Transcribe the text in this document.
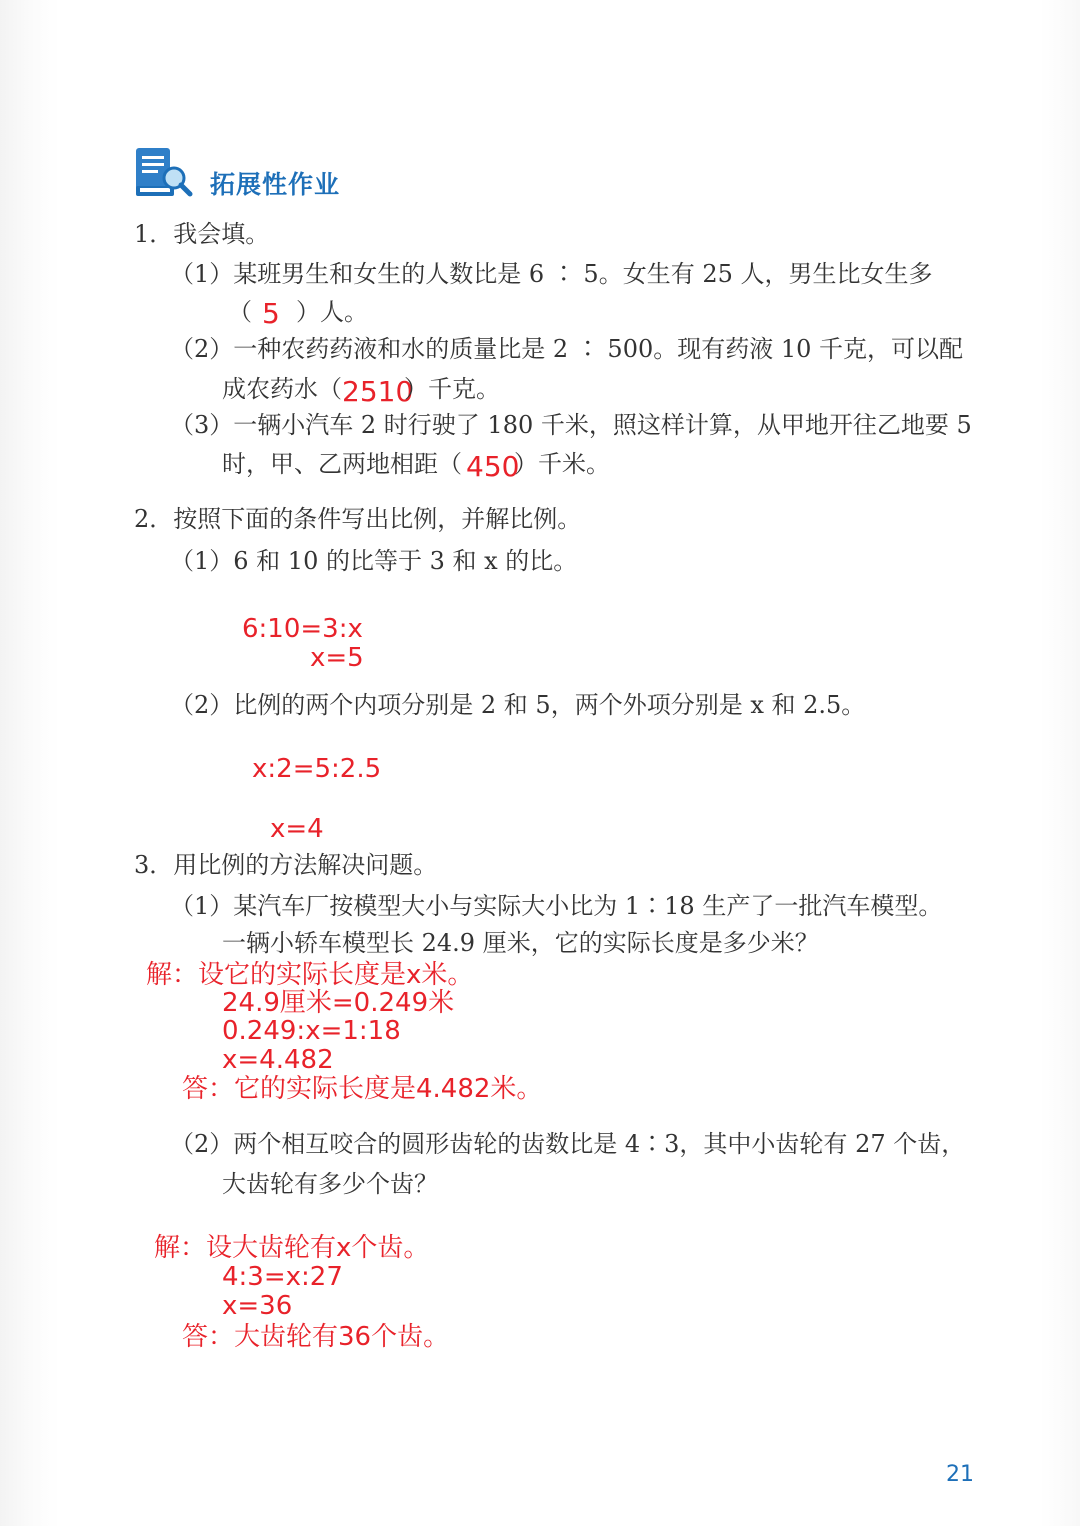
拓展性作业
1．我会填。
（1）某班男生和女生的人数比是 6 ∶ 5。女生有 25 人，男生比女生多
（ 5 ）人。
（2）一种农药药液和水的质量比是 2 ∶ 500。现有药液 10 千克，可以配
成农药水（ 2510
）千克。
（3）一辆小汽车 2 时行驶了 180 千米，照这样计算，从甲地开往乙地要 5
时，甲、乙两地相距（ 450
）千米。
2．按照下面的条件写出比例，并解比例。
（1）6 和 10 的比等于 3 和 x 的比。
6:10=3:x
x=5
（2）比例的两个内项分别是 2 和 5，两个外项分别是 x 和 2.5。
x:2=5:2.5
x=4
3．用比例的方法解决问题。
（1）某汽车厂按模型大小与实际大小比为 1∶18 生产了一批汽车模型。
一辆小轿车模型长 24.9 厘米，它的实际长度是多少米？
解：设它的实际长度是x米。
24.9厘米=0.249米
0.249:x=1:18
x=4.482
答：它的实际长度是4.482米。
（2）两个相互咬合的圆形齿轮的齿数比是 4∶3，其中小齿轮有 27 个齿，
大齿轮有多少个齿？
解：设大齿轮有x个齿。
4:3=x:27
x=36
答：大齿轮有36个齿。
21
